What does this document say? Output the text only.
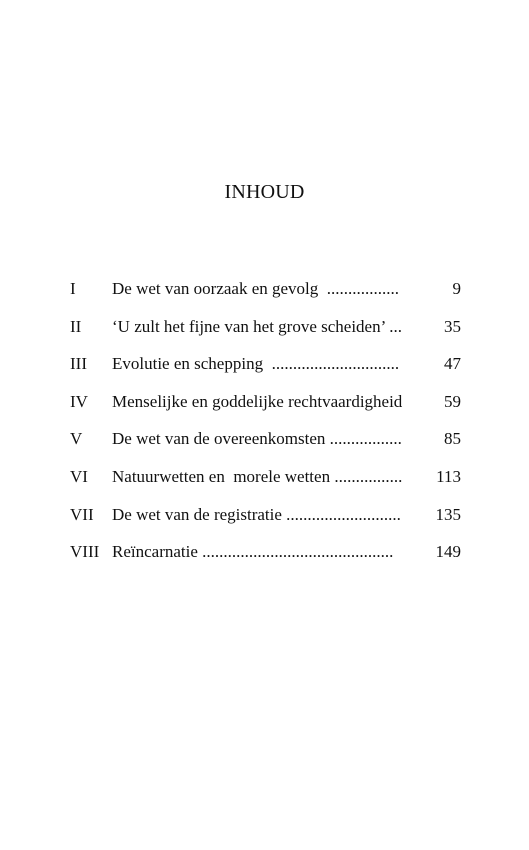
INHOUD
I De wet van oorzaak en gevolg  .................	9
II ‘U zult het fijne van het grove scheiden’ ... 35
III Evolutie en schepping  ..............................	47
IV Menselijke en goddelijke rechtvaardigheid 59
V De wet van de overeenkomsten ................. 85
VI Natuurwetten en  morele wetten ................ 113
VII De wet van de registratie ........................... 135
VIII Reïncarnatie ............................................. 149
